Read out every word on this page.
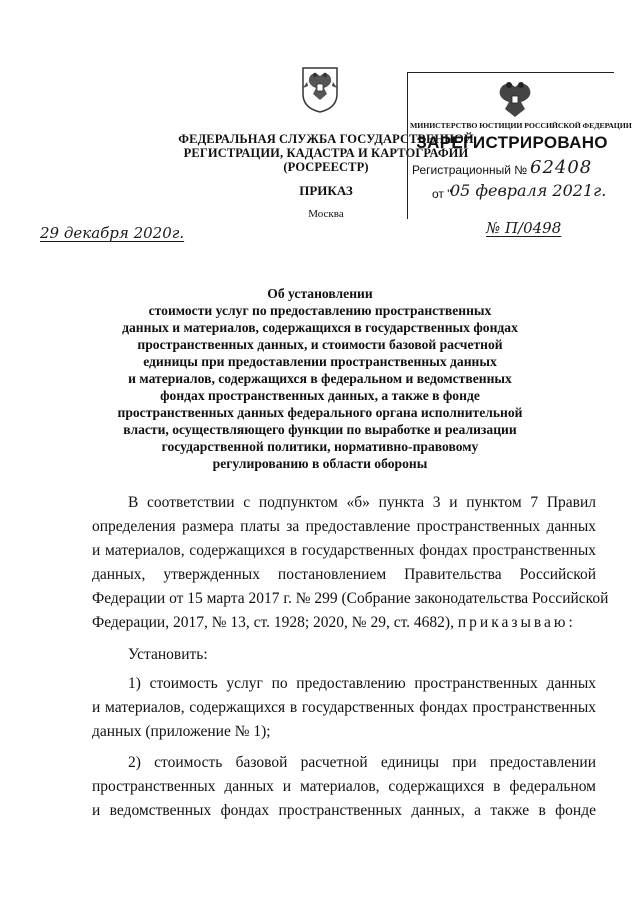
ФЕДЕРАЛЬНАЯ СЛУЖБА ГОСУДАРСТВЕННОЙ
РЕГИСТРАЦИИ, КАДАСТРА И КАРТОГРАФИИ
(РОСРЕЕСТР)
ПРИКАЗ
Москва
29 декабря 2020г.
МИНИСТЕРСТВО ЮСТИЦИИ РОССИЙСКОЙ ФЕДЕРАЦИИ
ЗАРЕГИСТРИРОВАНО
Регистрационный № 62408
от "
05 февраля 2021г.
№ П/0498
Об установлении
стоимости услуг по предоставлению пространственных
данных и материалов, содержащихся в государственных фондах
пространственных данных, и стоимости базовой расчетной
единицы при предоставлении пространственных данных
и материалов, содержащихся в федеральном и ведомственных
фондах пространственных данных, а также в фонде
пространственных данных федерального органа исполнительной
власти, осуществляющего функции по выработке и реализации
государственной политики, нормативно-правовому
регулированию в области обороны
В соответствии с подпунктом «б» пункта 3 и пунктом 7 Правил
определения размера платы за предоставление пространственных данных
и материалов, содержащихся в государственных фондах пространственных
данных, утвержденных постановлением Правительства Российской
Федерации от 15 марта 2017 г. № 299 (Собрание законодательства Российской
Федерации, 2017, № 13, ст. 1928; 2020, № 29, ст. 4682), приказываю:
Установить:
1) стоимость услуг по предоставлению пространственных данных
и материалов, содержащихся в государственных фондах пространственных
данных (приложение № 1);
2) стоимость базовой расчетной единицы при предоставлении
пространственных данных и материалов, содержащихся в федеральном
и ведомственных фондах пространственных данных, а также в фонде
